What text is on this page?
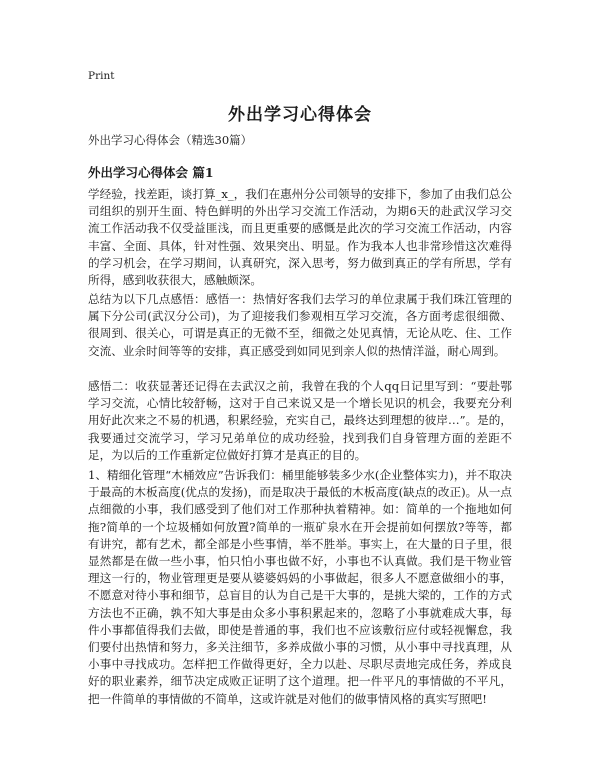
Print
外出学习心得体会
外出学习心得体会（精选30篇）
外出学习心得体会 篇1

学经验，找差距，谈打算_x_，我们在惠州分公司领导的安排下，参加了由我们总公司组织的别开生面、特色鲜明的外出学习交流工作活动，为期6天的赴武汉学习交流工作活动我不仅受益匪浅，而且更重要的感慨是此次的学习交流工作活动，内容丰富、全面、具体，针对性强、效果突出、明显。作为我本人也非常珍惜这次难得的学习机会，在学习期间，认真研究，深入思考，努力做到真正的学有所思，学有所得，感到收获很大，感触颇深。

总结为以下几点感悟：感悟一：热情好客我们去学习的单位隶属于我们珠江管理的属下分公司(武汉分公司)，为了迎接我们参观相互学习交流，各方面考虑很细微、很周到、很关心，可谓是真正的无微不至，细微之处见真情，无论从吃、住、工作交流、业余时间等等的安排，真正感受到如同见到亲人似的热情洋溢，耐心周到。

感悟二：收获显著还记得在去武汉之前，我曾在我的个人qq日记里写到：“要赴鄂学习交流，心情比较舒畅，这对于自己来说又是一个增长见识的机会，我要充分利用好此次来之不易的机遇，积累经验，充实自己，最终达到理想的彼岸…”。是的，我要通过交流学习，学习兄弟单位的成功经验，找到我们自身管理方面的差距不足，为以后的工作重新定位做好打算才是真正的目的。

1、精细化管理“木桶效应”告诉我们：桶里能够装多少水(企业整体实力)，并不取决于最高的木板高度(优点的发扬)，而是取决于最低的木板高度(缺点的改正)。从一点点细微的小事，我们感受到了他们对工作那种执着精神。如：简单的一个拖地如何拖?简单的一个垃圾桶如何放置?简单的一瓶矿泉水在开会提前如何摆放?等等，都有讲究，都有艺术，都全部是小些事情，举不胜举。事实上，在大量的日子里，很显然都是在做一些小事，怕只怕小事也做不好，小事也不认真做。我们是干物业管理这一行的，物业管理更是要从婆婆妈妈的小事做起，很多人不愿意做细小的事，不愿意对待小事和细节，总盲目的认为自己是干大事的，是挑大梁的，工作的方式方法也不正确，孰不知大事是由众多小事积累起来的，忽略了小事就难成大事，每件小事都值得我们去做，即使是普通的事，我们也不应该敷衍应付或轻视懈怠，我们要付出热情和努力，多关注细节，多养成做小事的习惯，从小事中寻找真理，从小事中寻找成功。怎样把工作做得更好，全力以赴、尽职尽责地完成任务，养成良好的职业素养，细节决定成败正证明了这个道理。把一件平凡的事情做的不平凡，把一件简单的事情做的不简单，这或许就是对他们的做事情风格的真实写照吧!
